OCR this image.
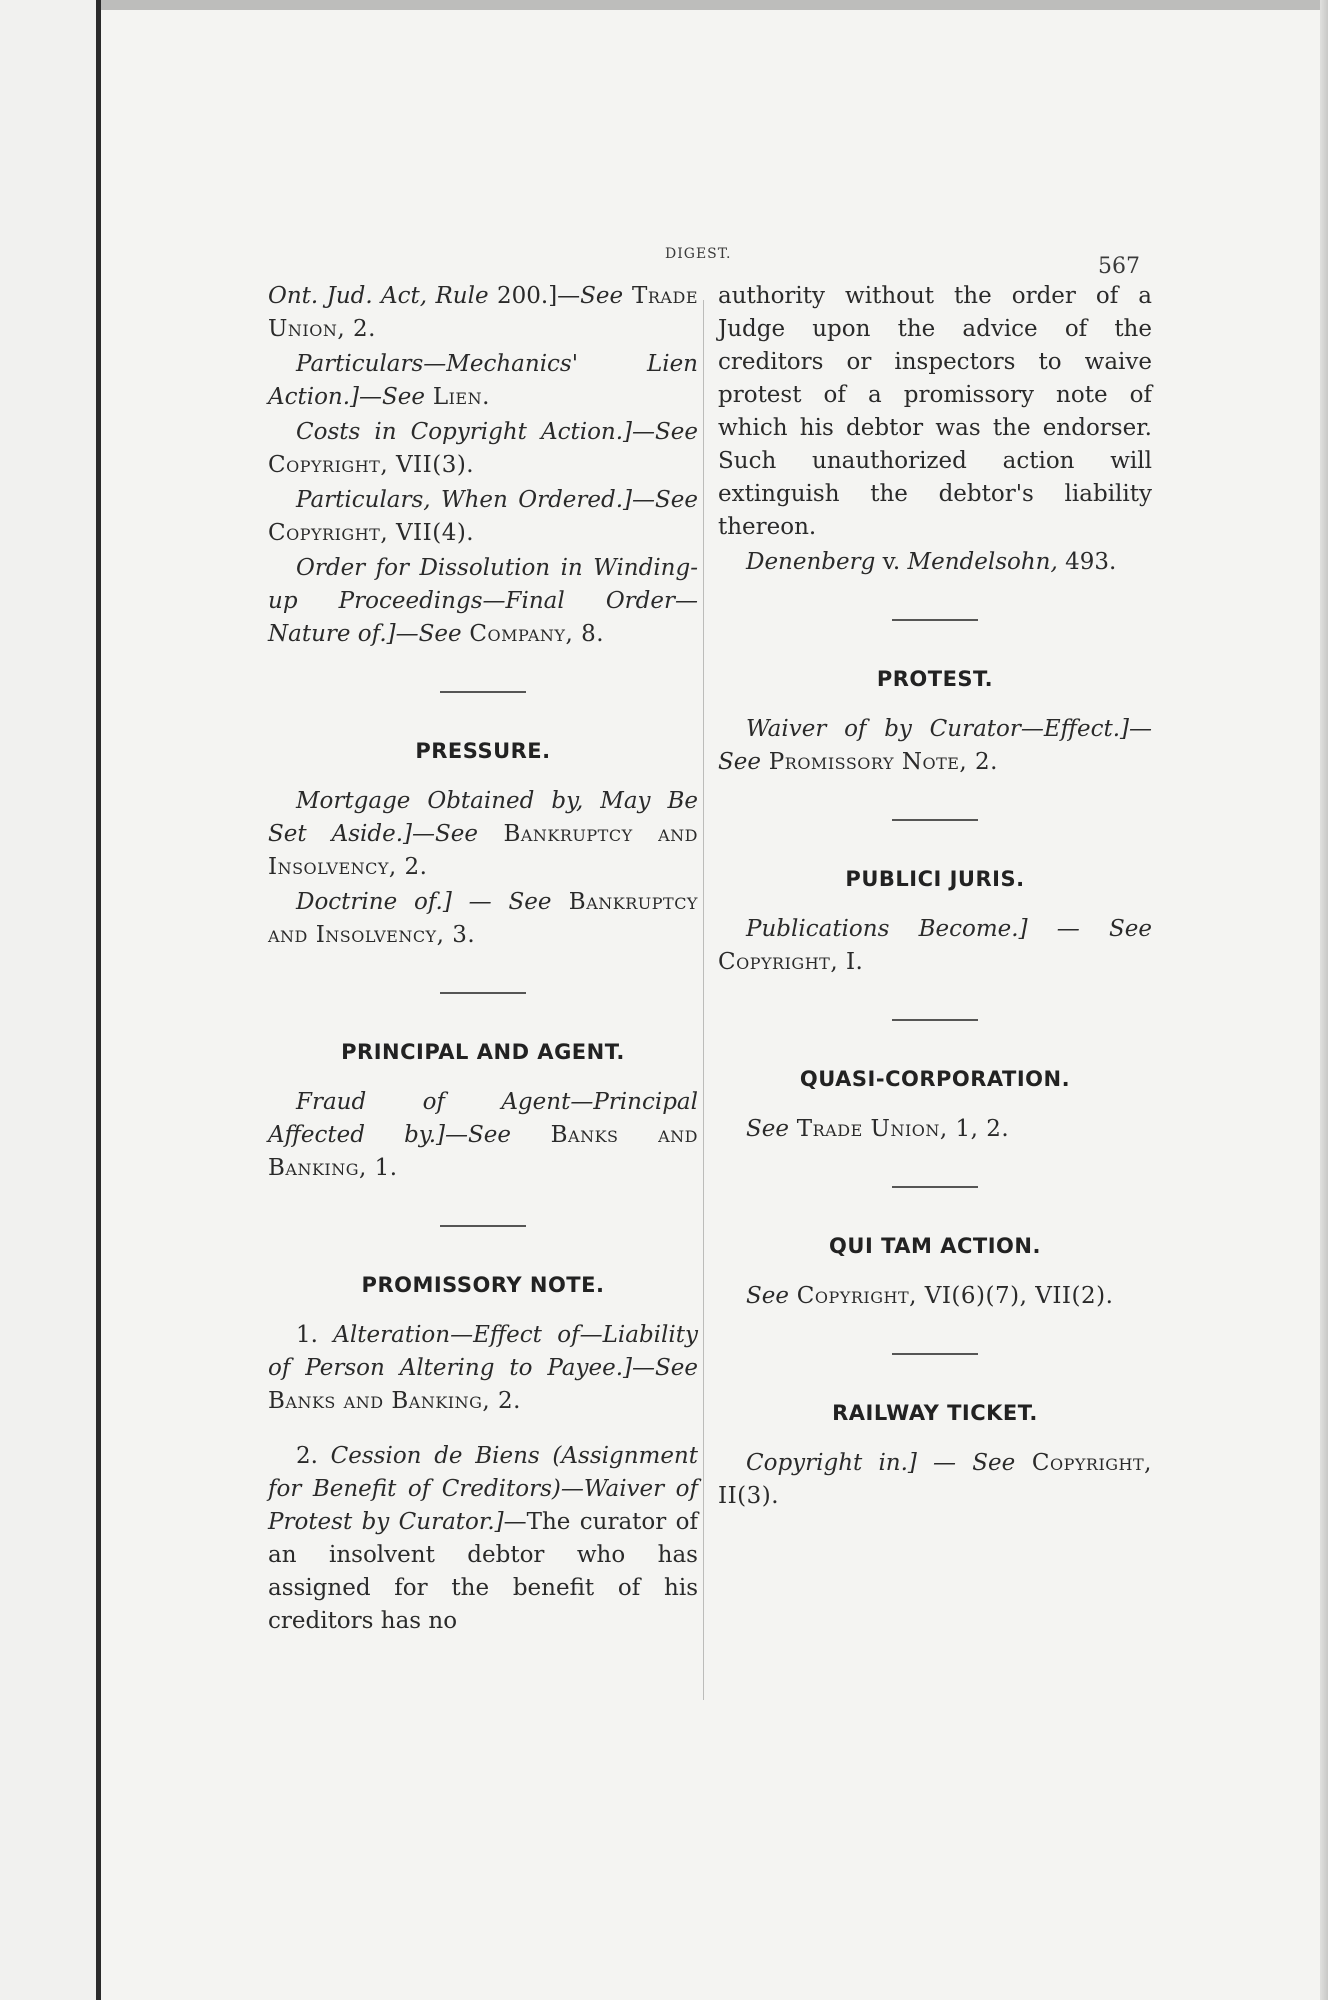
DIGEST.	567

Ont. Jud. Act, Rule 200.]—See Trade Union, 2.

Particulars—Mechanics' Lien Action.]—See Lien.

Costs in Copyright Action.]—See Copyright, VII(3).

Particulars, When Ordered.]—See Copyright, VII(4).

Order for Dissolution in Winding-up Proceedings—Final Order—Nature of.]—See Company, 8.

PRESSURE.

Mortgage Obtained by, May Be Set Aside.]—See Bankruptcy and Insolvency, 2.

Doctrine of.] — See Bankruptcy and Insolvency, 3.

PRINCIPAL AND AGENT.

Fraud of Agent—Principal Affected by.]—See Banks and Banking, 1.

PROMISSORY NOTE.

1. Alteration—Effect of—Liability of Person Altering to Payee.]—See Banks and Banking, 2.

2. Cession de Biens (Assignment for Benefit of Creditors)—Waiver of Protest by Curator.]—The curator of an insolvent debtor who has assigned for the benefit of his creditors has no

authority without the order of a Judge upon the advice of the creditors or inspectors to waive protest of a promissory note of which his debtor was the endorser. Such unauthorized action will extinguish the debtor's liability thereon.

Denenberg v. Mendelsohn, 493.

PROTEST.

Waiver of by Curator—Effect.]—See Promissory Note, 2.

PUBLICI JURIS.

Publications Become.] — See Copyright, I.

QUASI-CORPORATION.

See Trade Union, 1, 2.

QUI TAM ACTION.

See Copyright, VI(6)(7), VII(2).

RAILWAY TICKET.

Copyright in.] — See Copyright, II(3).
